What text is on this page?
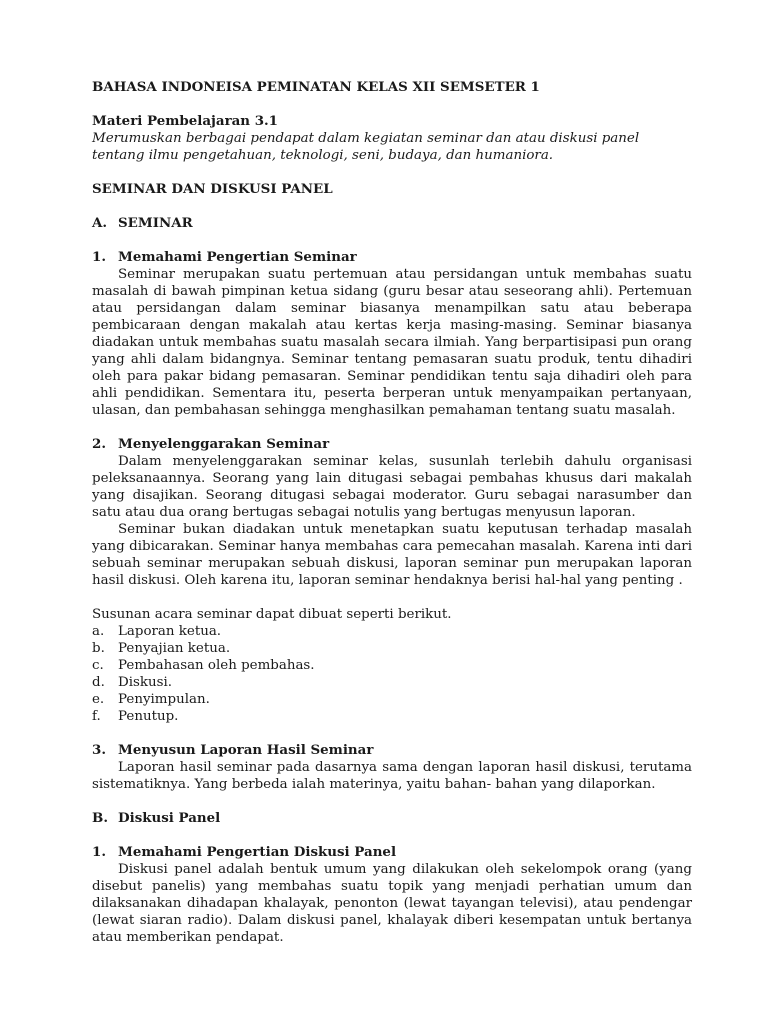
BAHASA INDONEISA PEMINATAN KELAS XII SEMSETER 1

Materi Pembelajaran 3.1

Merumuskan berbagai pendapat dalam kegiatan seminar dan atau diskusi panel tentang ilmu pengetahuan, teknologi, seni, budaya, dan humaniora.

SEMINAR DAN DISKUSI PANEL

A. SEMINAR

1. Memahami Pengertian Seminar

Seminar merupakan suatu pertemuan atau persidangan untuk membahas suatu masalah di bawah pimpinan ketua sidang (guru besar atau seseorang ahli). Pertemuan atau persidangan dalam seminar biasanya menampilkan satu atau beberapa pembicaraan dengan makalah atau kertas kerja masing-masing. Seminar biasanya diadakan untuk membahas suatu masalah secara ilmiah. Yang berpartisipasi pun orang yang ahli dalam bidangnya. Seminar tentang pemasaran suatu produk, tentu dihadiri oleh para pakar bidang pemasaran. Seminar pendidikan tentu saja dihadiri oleh para ahli pendidikan. Sementara itu, peserta berperan untuk menyampaikan pertanyaan, ulasan, dan pembahasan sehingga menghasilkan pemahaman tentang suatu masalah.

2. Menyelenggarakan Seminar

Dalam menyelenggarakan seminar kelas, susunlah terlebih dahulu organisasi peleksanaannya. Seorang yang lain ditugasi sebagai pembahas khusus dari makalah yang disajikan. Seorang ditugasi sebagai moderator. Guru sebagai narasumber dan satu atau dua orang bertugas sebagai notulis yang bertugas menyusun laporan.

Seminar bukan diadakan untuk menetapkan suatu keputusan terhadap masalah yang dibicarakan. Seminar hanya membahas cara pemecahan masalah. Karena inti dari sebuah seminar merupakan sebuah diskusi, laporan seminar pun merupakan laporan hasil diskusi. Oleh karena itu, laporan seminar hendaknya berisi hal-hal yang penting .

Susunan acara seminar dapat dibuat seperti berikut.

a. Laporan ketua.

b. Penyajian ketua.

c. Pembahasan oleh pembahas.

d. Diskusi.

e. Penyimpulan.

f. Penutup.

3. Menyusun Laporan Hasil Seminar

Laporan hasil seminar pada dasarnya sama dengan laporan hasil diskusi, terutama sistematiknya. Yang berbeda ialah materinya, yaitu bahan- bahan yang dilaporkan.

B. Diskusi Panel

1. Memahami Pengertian Diskusi Panel

Diskusi panel adalah bentuk umum yang dilakukan oleh sekelompok orang (yang disebut panelis) yang membahas suatu topik yang menjadi perhatian umum dan dilaksanakan dihadapan khalayak, penonton (lewat tayangan televisi), atau pendengar (lewat siaran radio). Dalam diskusi panel, khalayak diberi kesempatan untuk bertanya atau memberikan pendapat.
